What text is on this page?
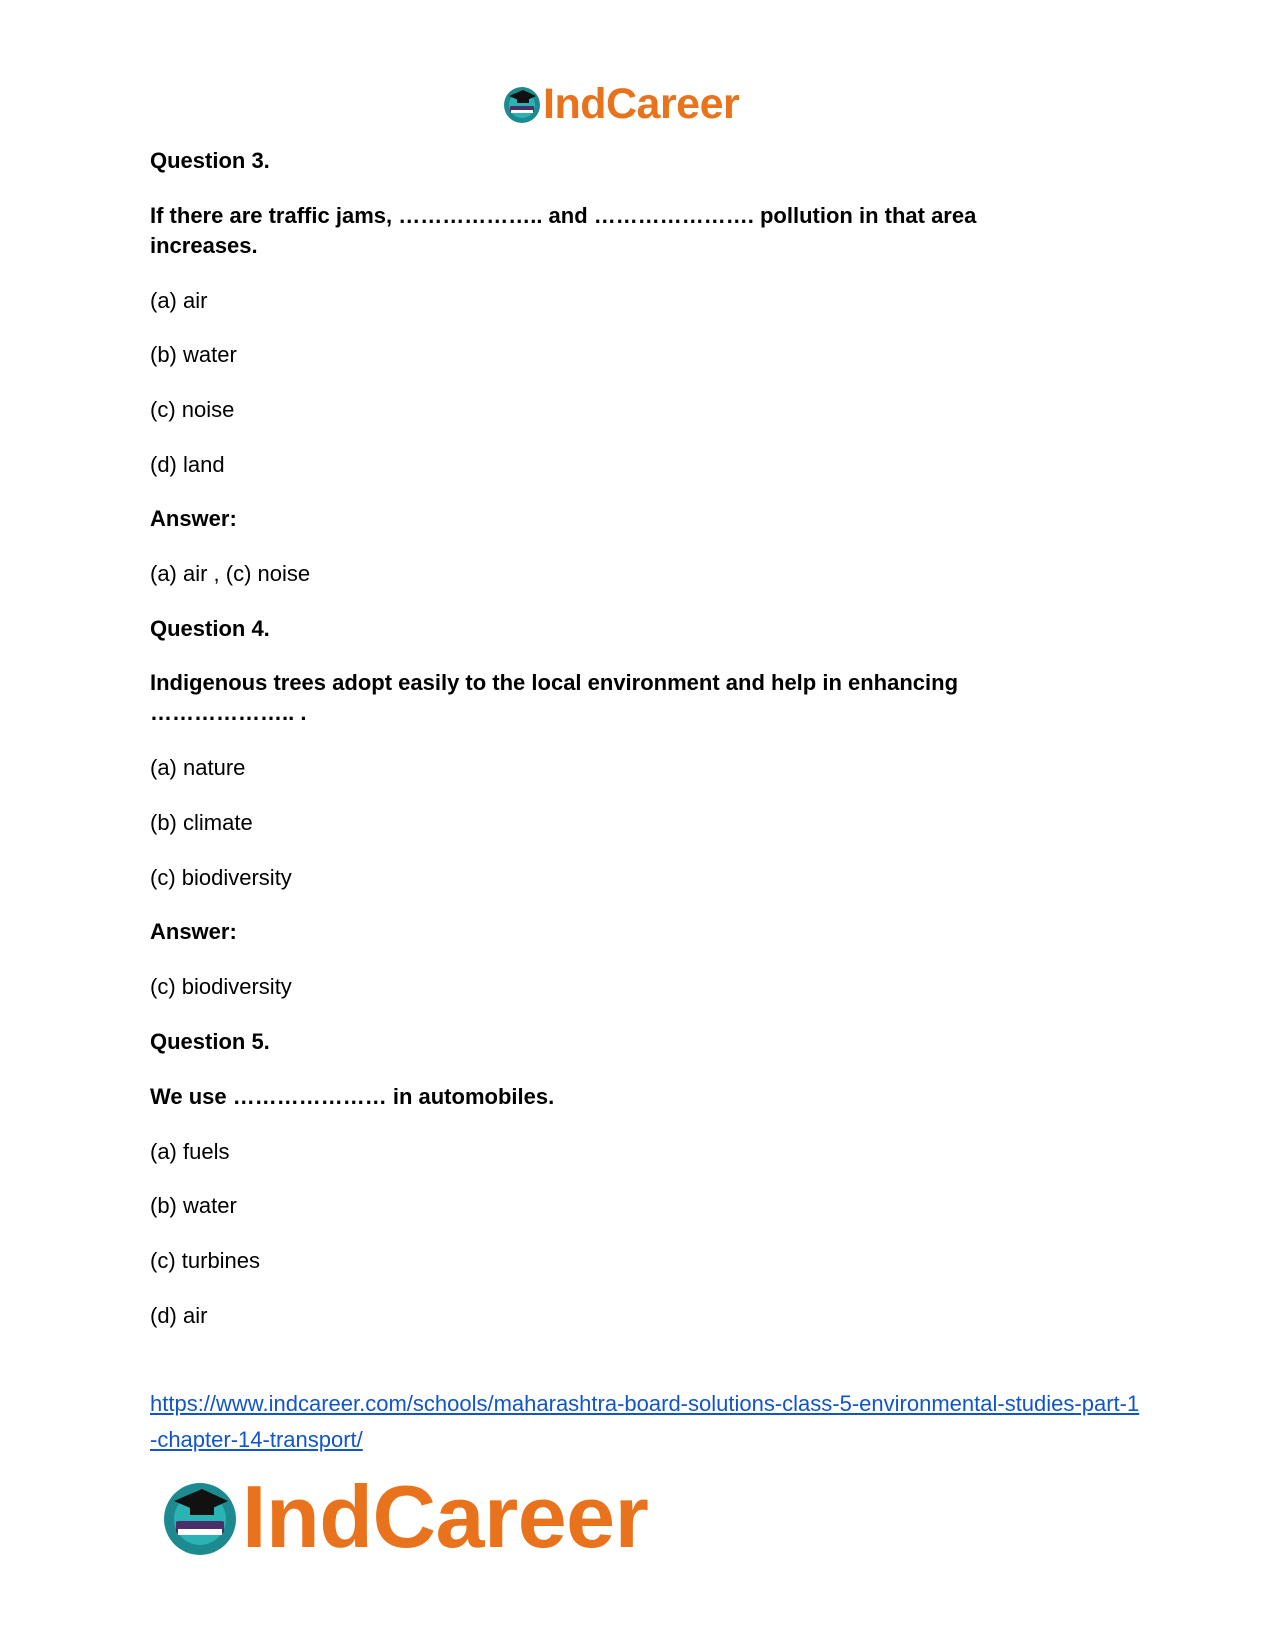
IndCareer
Question 3.
If there are traffic jams, ……………….. and …………………. pollution in that area increases.
(a) air
(b) water
(c) noise
(d) land
Answer:
(a) air , (c) noise
Question 4.
Indigenous trees adopt easily to the local environment and help in enhancing ……………….. .
(a) nature
(b) climate
(c) biodiversity
Answer:
(c) biodiversity
Question 5.
We use ………………… in automobiles.
(a) fuels
(b) water
(c) turbines
(d) air
https://www.indcareer.com/schools/maharashtra-board-solutions-class-5-environmental-studies-part-1-chapter-14-transport/
IndCareer
